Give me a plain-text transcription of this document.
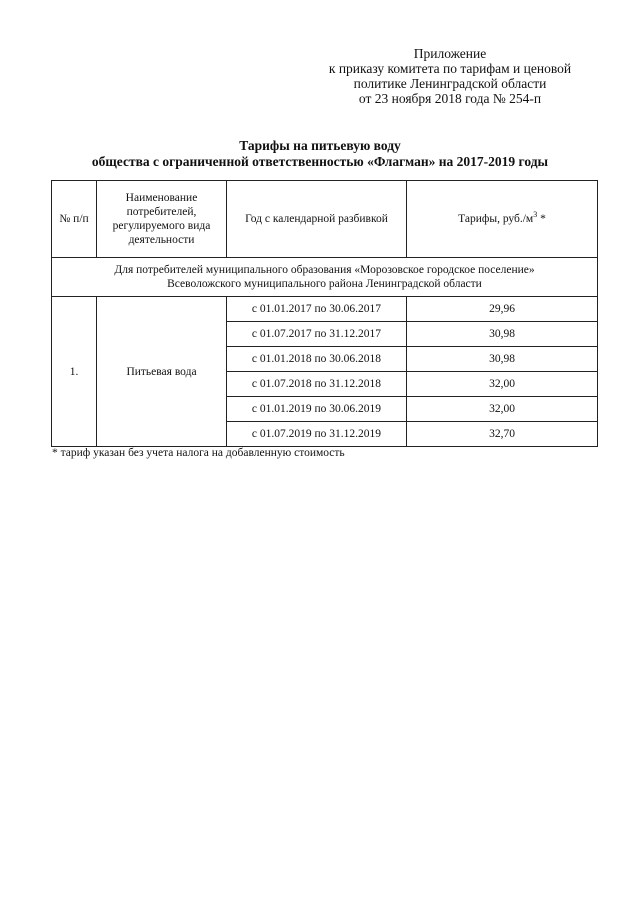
Приложение
к приказу комитета по тарифам и ценовой
политике Ленинградской области
от 23 ноября 2018 года № 254-п
Тарифы на питьевую воду
общества с ограниченной ответственностью «Флагман» на 2017-2019 годы
№ п/п	Наименование
потребителей,
регулируемого вида
деятельности	Год с календарной разбивкой	Тарифы, $руб./м^3$ *

Для потребителей муниципального образования «Морозовское городское поселение»
Всеволожского муниципального района Ленинградской области			

1.	Питьевая вода	с 01.01.2017 по 30.06.2017	29,96
		с 01.07.2017 по 31.12.2017	30,98
		с 01.01.2018 по 30.06.2018	30,98
		с 01.07.2018 по 31.12.2018	32,00
		с 01.01.2019 по 30.06.2019	32,00
		с 01.07.2019 по 31.12.2019	32,70
* тариф указан без учета налога на добавленную стоимость
